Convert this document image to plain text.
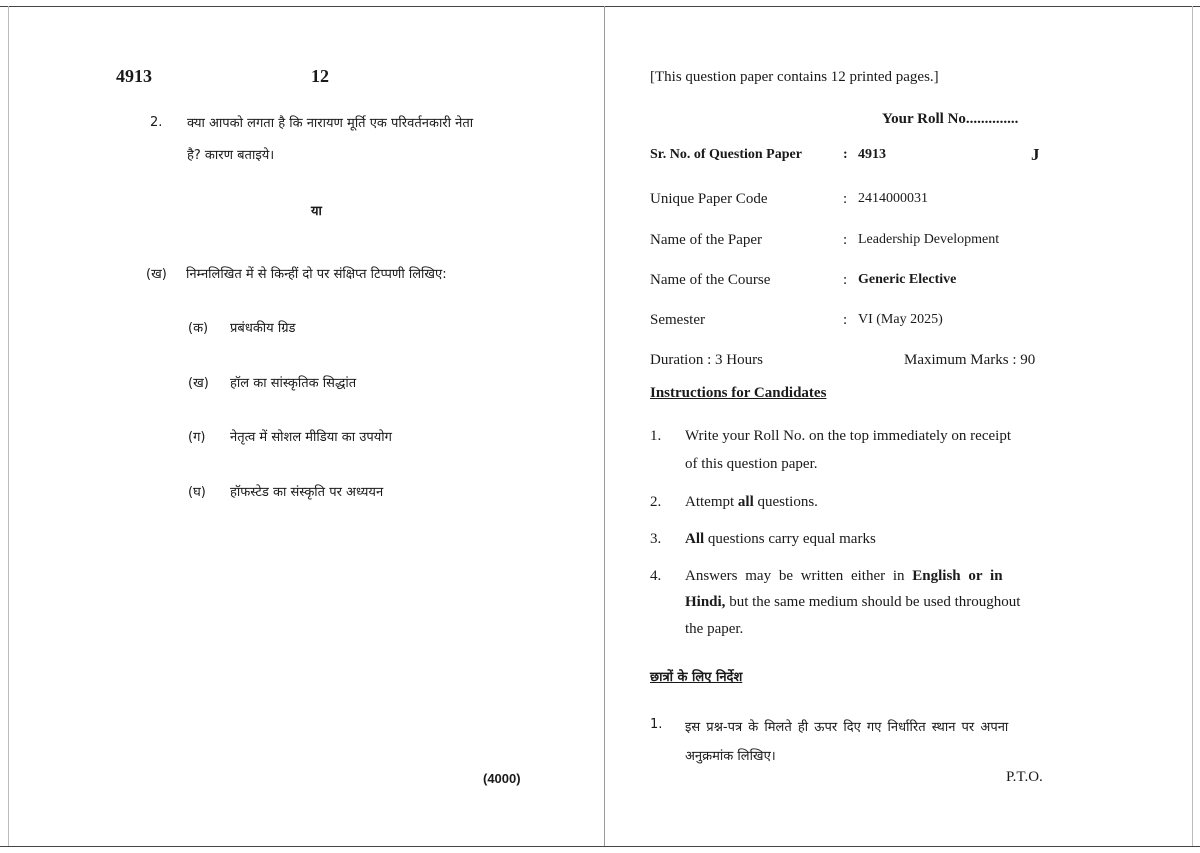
4913	12
2. क्या आपको लगता है कि नारायण मूर्ति एक परिवर्तनकारी नेता
है? कारण बताइये।
या
(ख) निम्नलिखित में से किन्हीं दो पर संक्षिप्त टिप्पणी लिखिए:
(क) प्रबंधकीय ग्रिड
(ख) हॉल का सांस्कृतिक सिद्धांत
(ग) नेतृत्व में सोशल मीडिया का उपयोग
(घ) हॉफस्टेड का संस्कृति पर अध्ययन
(4000)
[This question paper contains 12 printed pages.]
Your Roll No..............
Sr. No. of Question Paper	: 4913	J
Unique Paper Code	: 2414000031
Name of the Paper	: Leadership Development
Name of the Course	: Generic Elective
Semester	: VI (May 2025)
Duration : 3 Hours	Maximum Marks : 90
Instructions for Candidates
1. Write your Roll No. on the top immediately on receipt
of this question paper.
2. Attempt all questions.
3. All questions carry equal marks
4. Answers may be written either in English or in
Hindi, but the same medium should be used throughout
the paper.
छात्रों के लिए निर्देश
1. इस प्रश्न-पत्र के मिलते ही ऊपर दिए गए निर्धारित स्थान पर अपना
अनुक्रमांक लिखिए।
P.T.O.
